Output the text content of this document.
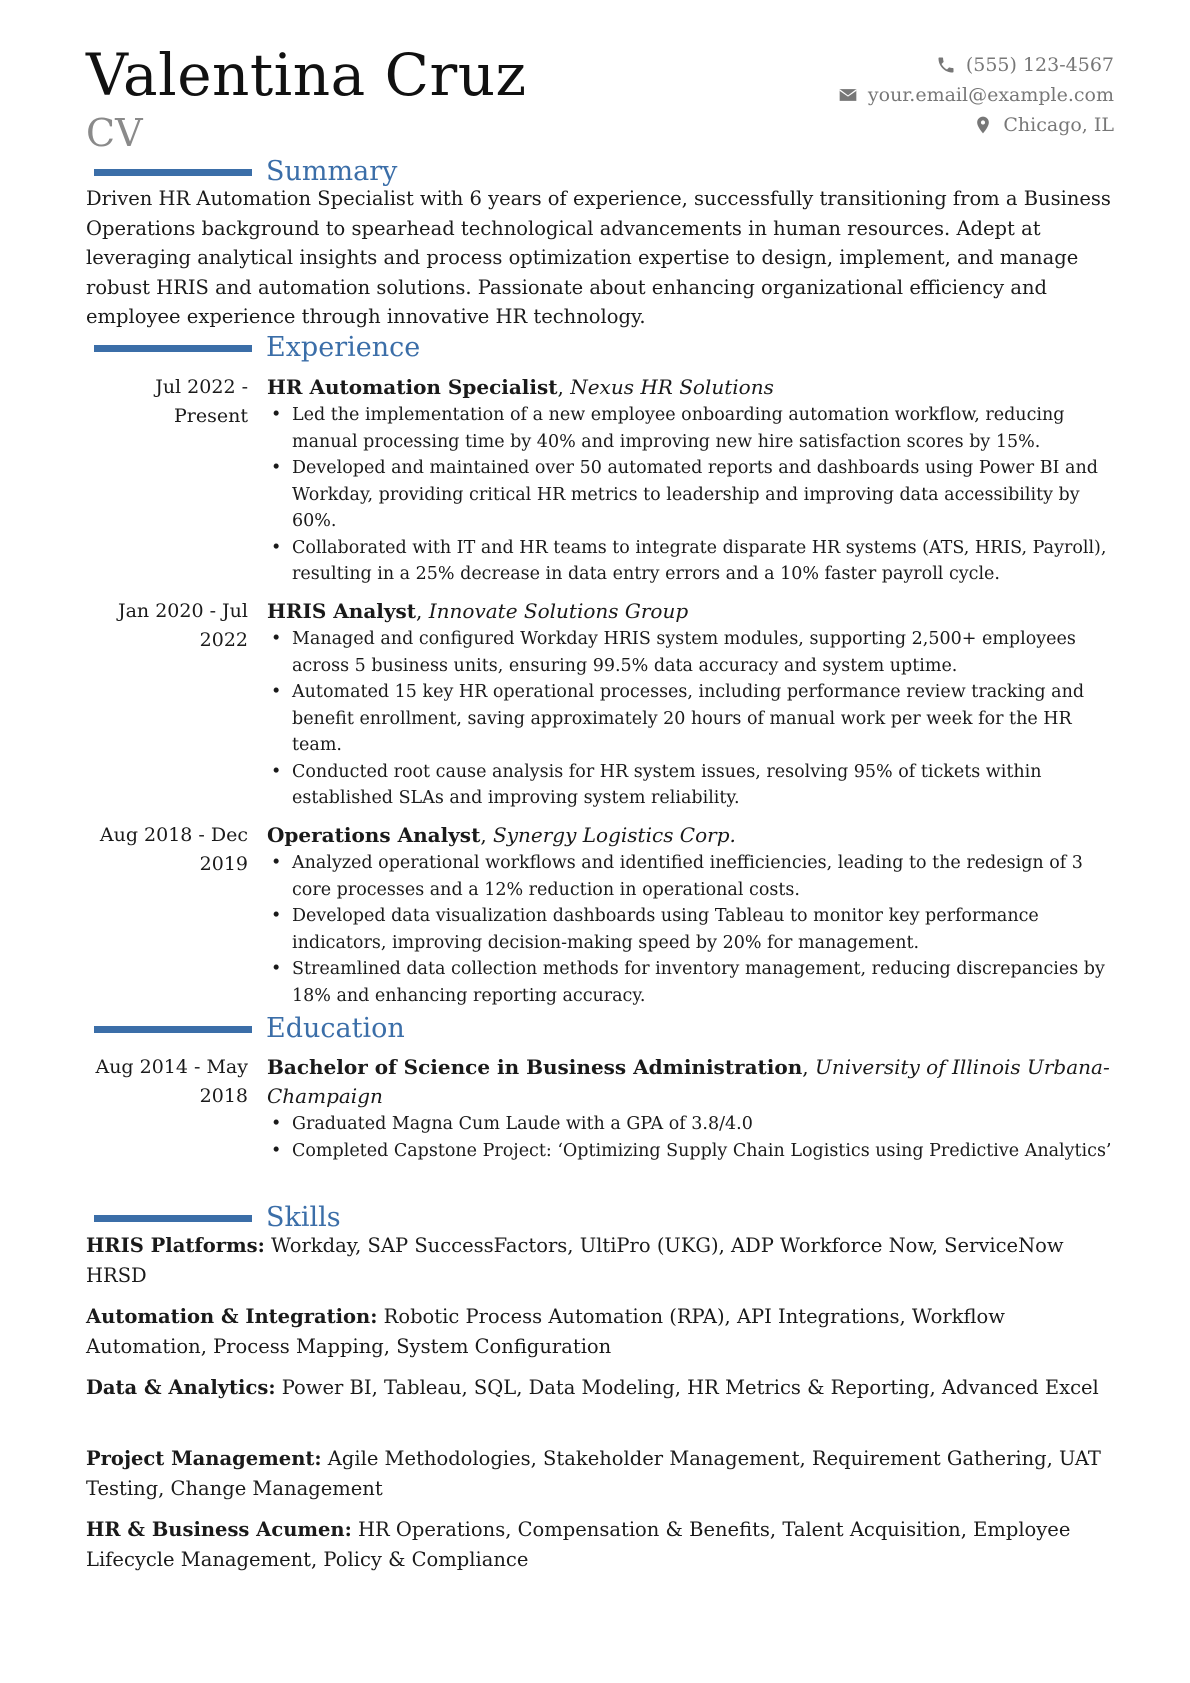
Valentina Cruz
CV
(555) 123-4567
your.email@example.com
Chicago, IL
Summary
Driven HR Automation Specialist with 6 years of experience, successfully transitioning from a Business Operations background to spearhead technological advancements in human resources. Adept at leveraging analytical insights and process optimization expertise to design, implement, and manage robust HRIS and automation solutions. Passionate about enhancing organizational efficiency and employee experience through innovative HR technology.
Experience
Jul 2022 - Present
HR Automation Specialist, Nexus HR Solutions
• Led the implementation of a new employee onboarding automation workflow, reducing manual processing time by 40% and improving new hire satisfaction scores by 15%.
• Developed and maintained over 50 automated reports and dashboards using Power BI and Workday, providing critical HR metrics to leadership and improving data accessibility by 60%.
• Collaborated with IT and HR teams to integrate disparate HR systems (ATS, HRIS, Payroll), resulting in a 25% decrease in data entry errors and a 10% faster payroll cycle.
Jan 2020 - Jul 2022
HRIS Analyst, Innovate Solutions Group
• Managed and configured Workday HRIS system modules, supporting 2,500+ employees across 5 business units, ensuring 99.5% data accuracy and system uptime.
• Automated 15 key HR operational processes, including performance review tracking and benefit enrollment, saving approximately 20 hours of manual work per week for the HR team.
• Conducted root cause analysis for HR system issues, resolving 95% of tickets within established SLAs and improving system reliability.
Aug 2018 - Dec 2019
Operations Analyst, Synergy Logistics Corp.
• Analyzed operational workflows and identified inefficiencies, leading to the redesign of 3 core processes and a 12% reduction in operational costs.
• Developed data visualization dashboards using Tableau to monitor key performance indicators, improving decision-making speed by 20% for management.
• Streamlined data collection methods for inventory management, reducing discrepancies by 18% and enhancing reporting accuracy.
Education
Aug 2014 - May 2018
Bachelor of Science in Business Administration, University of Illinois Urbana-Champaign
• Graduated Magna Cum Laude with a GPA of 3.8/4.0
• Completed Capstone Project: ‘Optimizing Supply Chain Logistics using Predictive Analytics’
Skills
HRIS Platforms: Workday, SAP SuccessFactors, UltiPro (UKG), ADP Workforce Now, ServiceNow HRSD
Automation & Integration: Robotic Process Automation (RPA), API Integrations, Workflow Automation, Process Mapping, System Configuration
Data & Analytics: Power BI, Tableau, SQL, Data Modeling, HR Metrics & Reporting, Advanced Excel
Project Management: Agile Methodologies, Stakeholder Management, Requirement Gathering, UAT Testing, Change Management
HR & Business Acumen: HR Operations, Compensation & Benefits, Talent Acquisition, Employee Lifecycle Management, Policy & Compliance
